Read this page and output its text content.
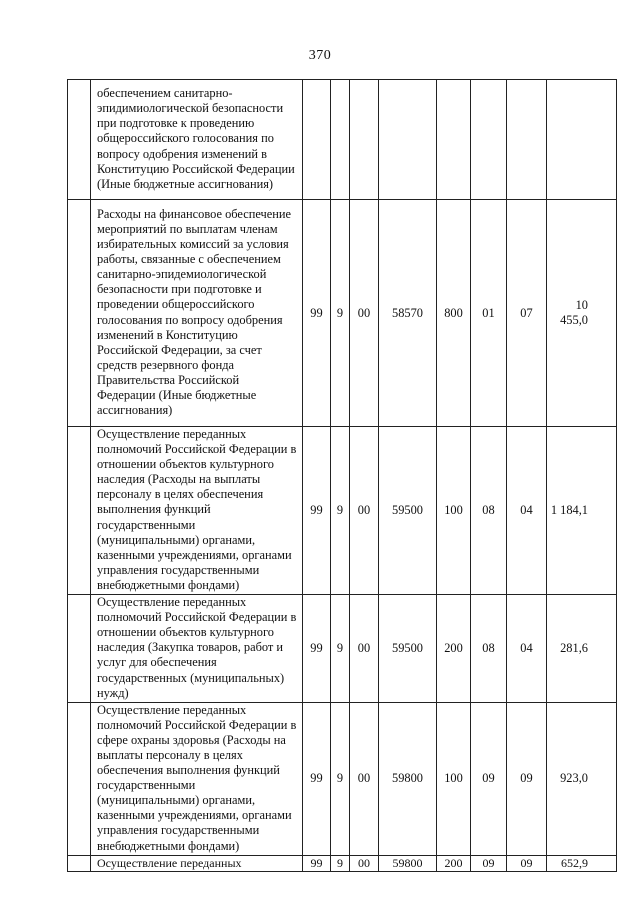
370
	обеспечением санитарно-эпидимиологической безопасности при подготовке к проведению общероссийского голосования по вопросу одобрения изменений в Конституцию Российской Федерации (Иные бюджетные ассигнования)								
	Расходы на финансовое обеспечение мероприятий по выплатам членам избирательных комиссий за условия работы, связанные с обеспечением санитарно-эпидемиологической безопасности при подготовке и проведении общероссийского голосования по вопросу одобрения изменений в Конституцию Российской Федерации, за счет средств резервного фонда Правительства Российской Федерации (Иные бюджетные ассигнования)	99	9	00	58570	800	01	07	10 455,0
	Осуществление переданных полномочий Российской Федерации в отношении объектов культурного наследия (Расходы на выплаты персоналу в целях обеспечения выполнения функций государственными (муниципальными) органами, казенными учреждениями, органами управления государственными внебюджетными фондами)	99	9	00	59500	100	08	04	1 184,1
	Осуществление переданных полномочий Российской Федерации в отношении объектов культурного наследия (Закупка товаров, работ и услуг для обеспечения государственных (муниципальных) нужд)	99	9	00	59500	200	08	04	281,6
	Осуществление переданных полномочий Российской Федерации в сфере охраны здоровья (Расходы на выплаты персоналу в целях обеспечения выполнения функций государственными (муниципальными) органами, казенными учреждениями, органами управления государственными внебюджетными фондами)	99	9	00	59800	100	09	09	923,0
	Осуществление переданных	99	9	00	59800	200	09	09	652,9
